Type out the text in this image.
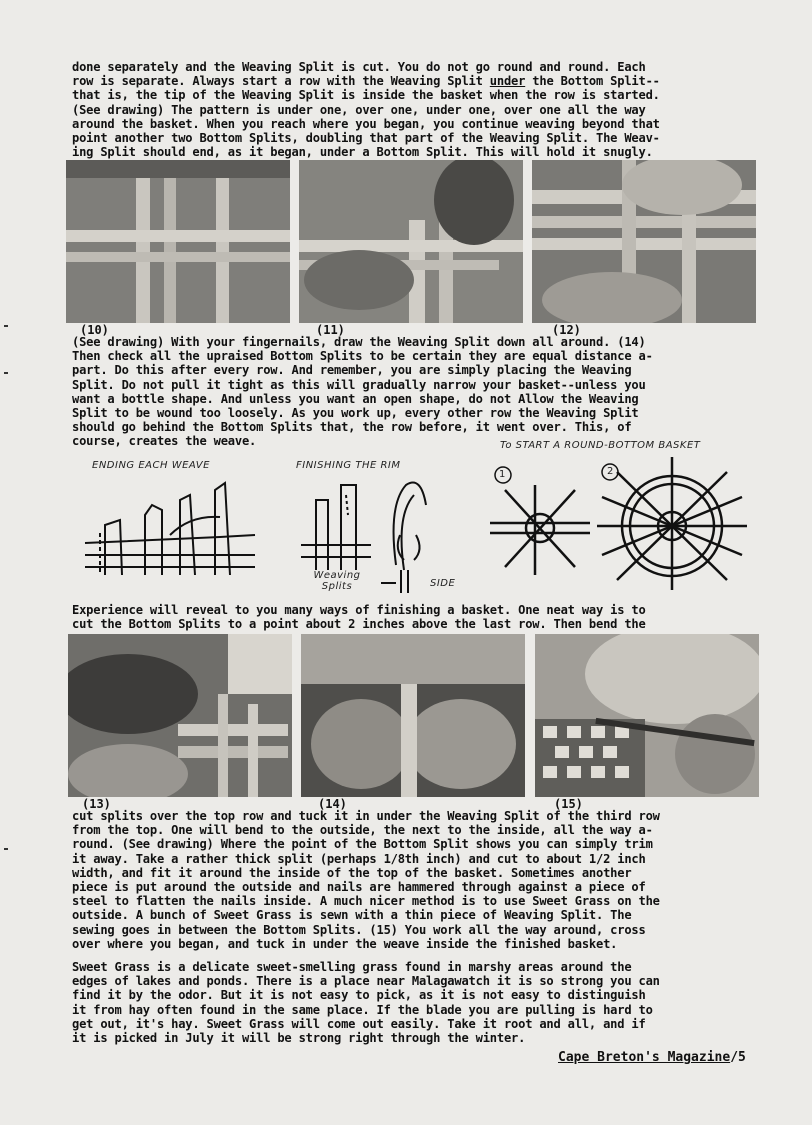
done separately and the Weaving Split is cut. You do not go round and round. Each
row is separate. Always start a row with the Weaving Split under the Bottom Split--
that is, the tip of the Weaving Split is inside the basket when the row is started.
(See drawing) The pattern is under one, over one, under one, over one all the way
around the basket. When you reach where you began, you continue weaving beyond that
point another two Bottom Splits, doubling that part of the Weaving Split. The Weav-
ing Split should end, as it began, under a Bottom Split. This will hold it snugly.
(10)	(11)	(12)
(See drawing) With your fingernails, draw the Weaving Split down all around. (14)
Then check all the upraised Bottom Splits to be certain they are equal distance a-
part. Do this after every row. And remember, you are simply placing the Weaving
Split. Do not pull it tight as this will gradually narrow your basket--unless you
want a bottle shape. And unless you want an open shape, do not Allow the Weaving
Split to be wound too loosely. As you work up, every other row the Weaving Split
should go behind the Bottom Splits that, the row before, it went over. This, of
course, creates the weave.
ENDING EACH WEAVE	FINISHING THE RIM
To START A ROUND-BOTTOM BASKET
Weaving Splits	SIDE
1	2
Experience will reveal to you many ways of finishing a basket. One neat way is to
cut the Bottom Splits to a point about 2 inches above the last row. Then bend the
(13)	(14)	(15)
cut splits over the top row and tuck it in under the Weaving Split of the third row
from the top. One will bend to the outside, the next to the inside, all the way a-
round. (See drawing) Where the point of the Bottom Split shows you can simply trim
it away. Take a rather thick split (perhaps 1/8th inch) and cut to about 1/2 inch
width, and fit it around the inside of the top of the basket. Sometimes another
piece is put around the outside and nails are hammered through against a piece of
steel to flatten the nails inside. A much nicer method is to use Sweet Grass on the
outside. A bunch of Sweet Grass is sewn with a thin piece of Weaving Split. The
sewing goes in between the Bottom Splits. (15) You work all the way around, cross
over where you began, and tuck in under the weave inside the finished basket.
Sweet Grass is a delicate sweet-smelling grass found in marshy areas around the
edges of lakes and ponds. There is a place near Malagawatch it is so strong you can
find it by the odor. But it is not easy to pick, as it is not easy to distinguish
it from hay often found in the same place. If the blade you are pulling is hard to
get out, it's hay. Sweet Grass will come out easily. Take it root and all, and if
it is picked in July it will be strong right through the winter.
Cape Breton's Magazine/5
